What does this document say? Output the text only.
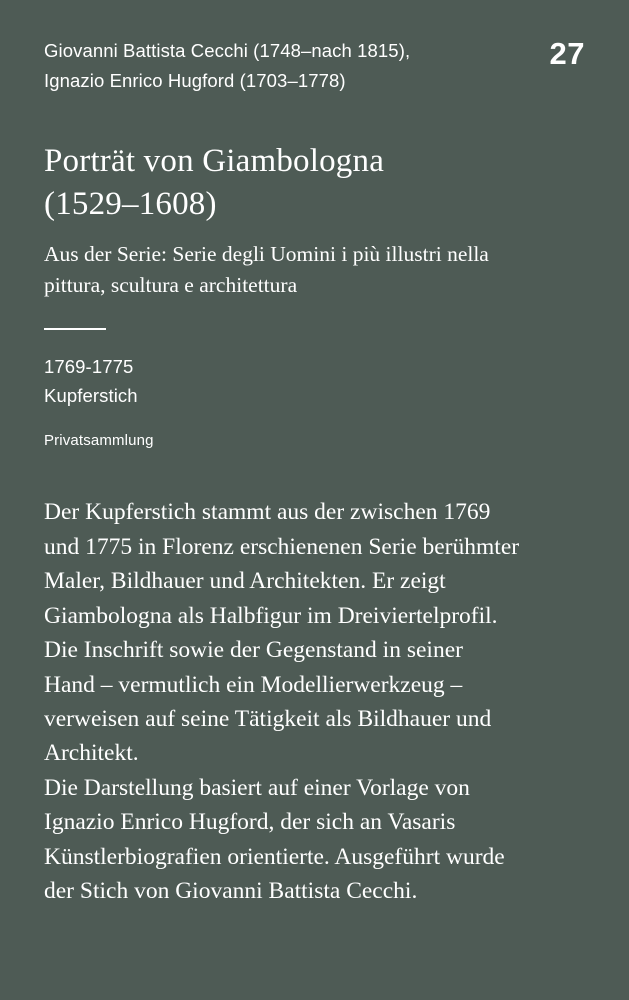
Giovanni Battista Cecchi (1748–nach 1815),
Ignazio Enrico Hugford (1703–1778)
27
Porträt von Giambologna
(1529–1608)
Aus der Serie: Serie degli Uomini i più illustri nella
pittura, scultura e architettura
1769-1775
Kupferstich
Privatsammlung

Der Kupferstich stammt aus der zwischen 1769
und 1775 in Florenz erschienenen Serie berühmter
Maler, Bildhauer und Architekten. Er zeigt
Giambologna als Halbfigur im Dreiviertelprofil.
Die Inschrift sowie der Gegenstand in seiner
Hand – vermutlich ein Modellierwerkzeug –
verweisen auf seine Tätigkeit als Bildhauer und
Architekt.
Die Darstellung basiert auf einer Vorlage von
Ignazio Enrico Hugford, der sich an Vasaris
Künstlerbiografien orientierte. Ausgeführt wurde
der Stich von Giovanni Battista Cecchi.
